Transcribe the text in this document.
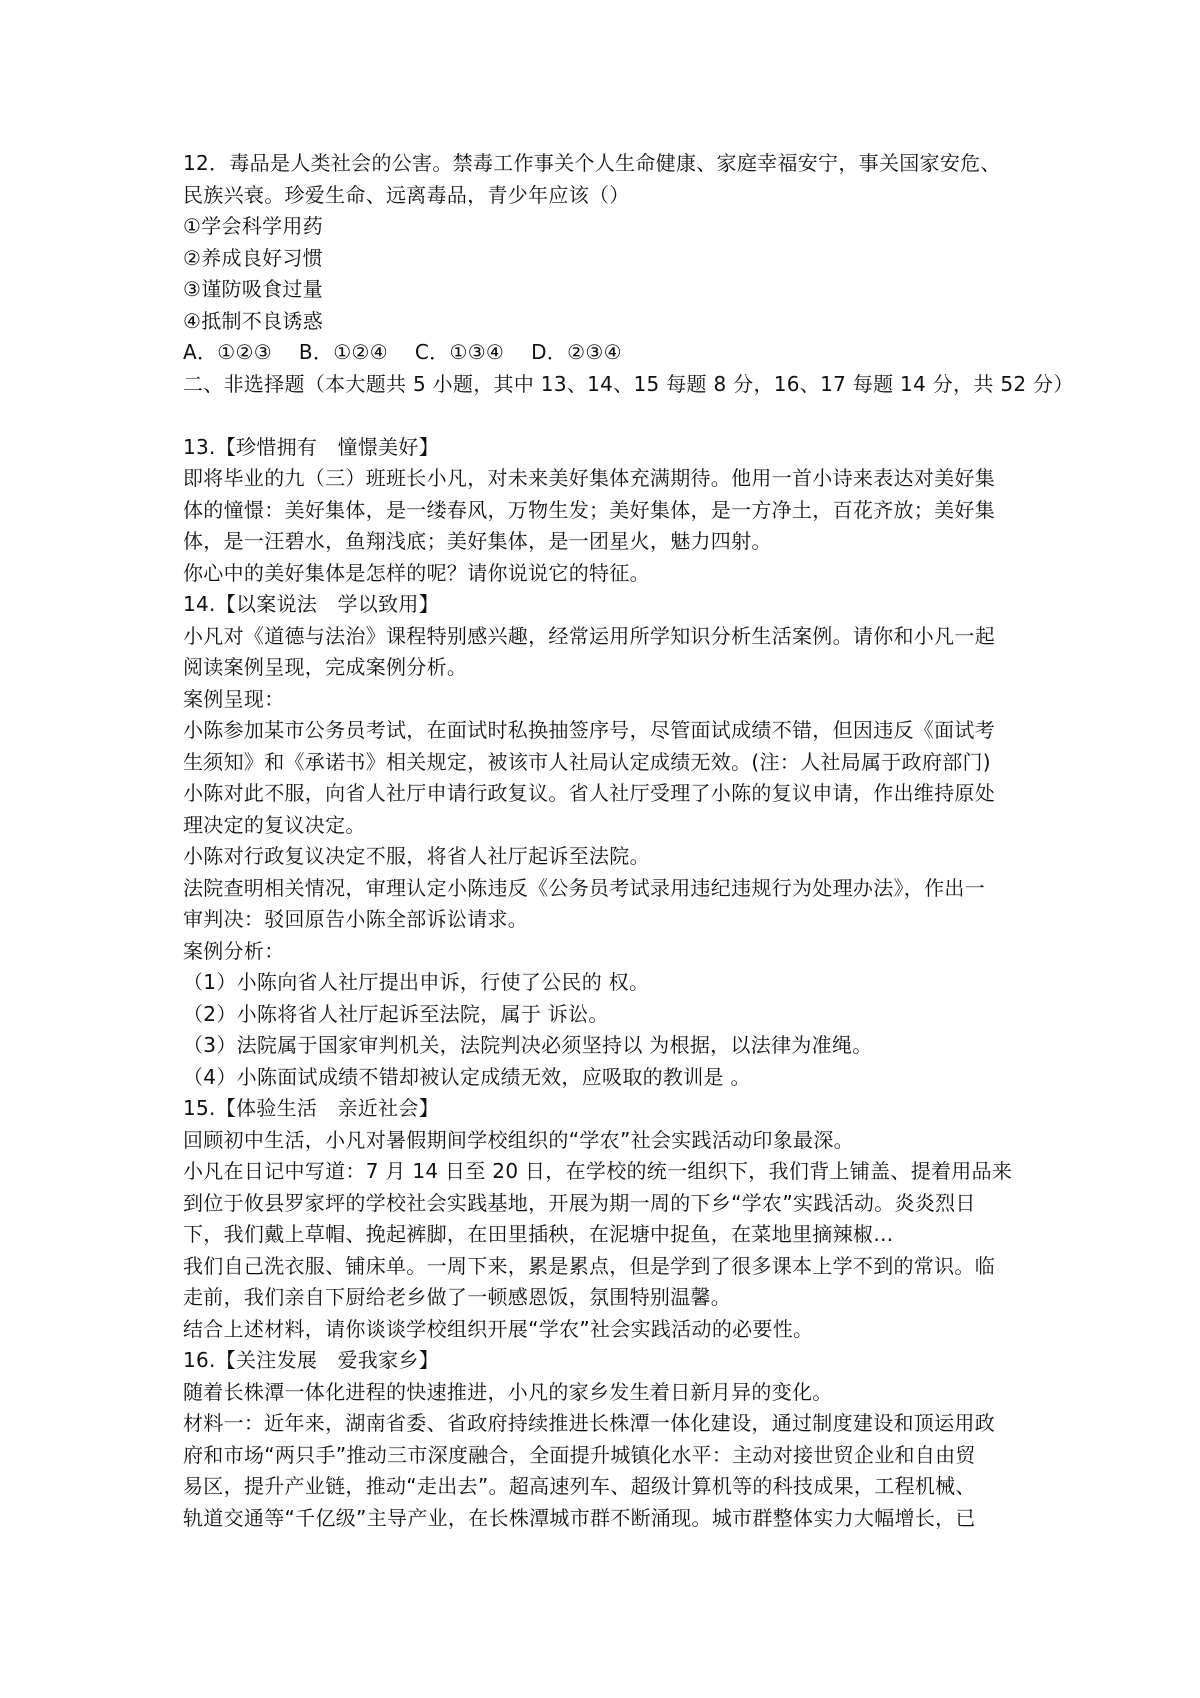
12．毒品是人类社会的公害。禁毒工作事关个人生命健康、家庭幸福安宁，事关国家安危、
民族兴衰。珍爱生命、远离毒品，青少年应该（）
①学会科学用药
②养成良好习惯
③谨防吸食过量
④抵制不良诱惑
A．①②③　 B．①②④　 C．①③④　 D．②③④
二、非选择题（本大题共 5 小题，其中 13、14、15 每题 8 分，16、17 每题 14 分，共 52 分）
13.【珍惜拥有　憧憬美好】
即将毕业的九（三）班班长小凡，对未来美好集体充满期待。他用一首小诗来表达对美好集
体的憧憬：美好集体，是一缕春风，万物生发；美好集体，是一方净土，百花齐放；美好集
体，是一汪碧水，鱼翔浅底；美好集体，是一团星火，魅力四射。
你心中的美好集体是怎样的呢？请你说说它的特征。
14.【以案说法　学以致用】
小凡对《道德与法治》课程特别感兴趣，经常运用所学知识分析生活案例。请你和小凡一起
阅读案例呈现，完成案例分析。
案例呈现：
小陈参加某市公务员考试，在面试时私换抽签序号，尽管面试成绩不错，但因违反《面试考
生须知》和《承诺书》相关规定，被该市人社局认定成绩无效。(注：人社局属于政府部门)
小陈对此不服，向省人社厅申请行政复议。省人社厅受理了小陈的复议申请，作出维持原处
理决定的复议决定。
小陈对行政复议决定不服，将省人社厅起诉至法院。
法院查明相关情况，审理认定小陈违反《公务员考试录用违纪违规行为处理办法》，作出一
审判决：驳回原告小陈全部诉讼请求。
案例分析：
（1）小陈向省人社厅提出申诉，行使了公民的 权。
（2）小陈将省人社厅起诉至法院，属于 诉讼。
（3）法院属于国家审判机关，法院判决必须坚持以 为根据，以法律为准绳。
（4）小陈面试成绩不错却被认定成绩无效，应吸取的教训是 。
15.【体验生活　亲近社会】
回顾初中生活，小凡对暑假期间学校组织的“学农”社会实践活动印象最深。
小凡在日记中写道：7 月 14 日至 20 日，在学校的统一组织下，我们背上铺盖、提着用品来
到位于攸县罗家坪的学校社会实践基地，开展为期一周的下乡“学农”实践活动。炎炎烈日
下，我们戴上草帽、挽起裤脚，在田里插秧，在泥塘中捉鱼，在菜地里摘辣椒…
我们自己洗衣服、铺床单。一周下来，累是累点，但是学到了很多课本上学不到的常识。临
走前，我们亲自下厨给老乡做了一顿感恩饭，氛围特别温馨。
结合上述材料，请你谈谈学校组织开展“学农”社会实践活动的必要性。
16.【关注发展　爱我家乡】
随着长株潭一体化进程的快速推进，小凡的家乡发生着日新月异的变化。
材料一：近年来，湖南省委、省政府持续推进长株潭一体化建设，通过制度建设和顶运用政
府和市场“两只手”推动三市深度融合，全面提升城镇化水平：主动对接世贸企业和自由贸
易区，提升产业链，推动“走出去”。超高速列车、超级计算机等的科技成果，工程机械、
轨道交通等“千亿级”主导产业，在长株潭城市群不断涌现。城市群整体实力大幅增长，已
